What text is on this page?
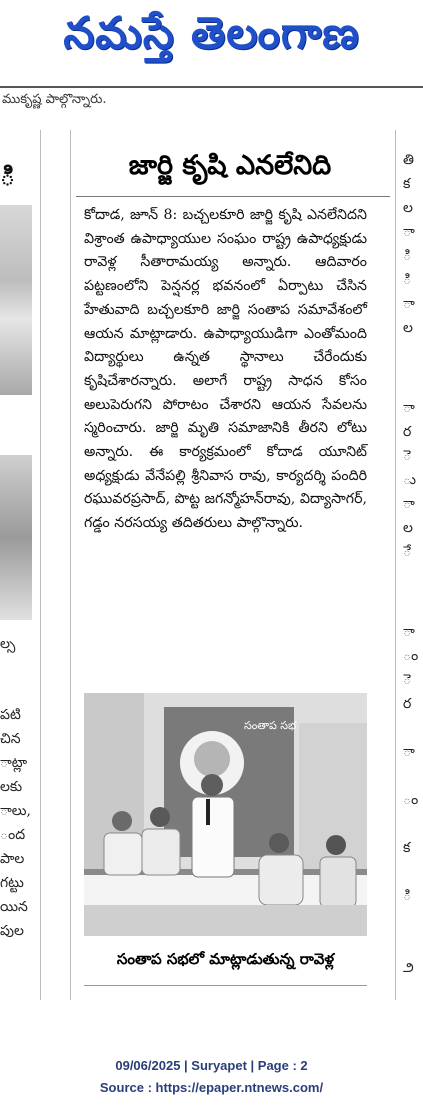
నమస్తే తెలంగాణ
ముకృష్ణ పాల్గొన్నారు.
ి
ల్స
పటి
చిన
ాట్లా
లకు
ాలు,
ంద
పాల
గట్టు
యిన
పుల
తి
క
ల
ా
ి
ి
ా
ల
ా
ర
ె
ు
ా
ల
ే
ా
ం
ె
ర
ా
ం
క
ి
౨
జార్జి కృషి ఎనలేనిది
కోదాడ, జూన్ 8: బచ్చలకూరి జార్జి కృషి ఎనలేనిదని విశ్రాంత ఉపాధ్యాయుల సంఘం రాష్ట్ర ఉపాధ్యక్షుడు రావెళ్ల సీతారామయ్య అన్నారు. ఆదివారం పట్టణంలోని పెన్షనర్ల భవనంలో ఏర్పాటు చేసిన హేతువాది బచ్చలకూరి జార్జి సంతాప సమావేశంలో ఆయన మాట్లాడారు. ఉపాధ్యాయుడిగా ఎంతోమంది విద్యార్థులు ఉన్నత స్థానాలు చేరేందుకు కృషిచేశారన్నారు. అలాగే రాష్ట్ర సాధన కోసం అలుపెరుగని పోరాటం చేశారని ఆయన సేవలను స్మరించారు. జార్జి మృతి సమాజానికి తీరని లోటు అన్నారు. ఈ కార్యక్రమంలో కోదాడ యూనిట్ అధ్యక్షుడు వేనేపల్లి శ్రీనివాస రావు, కార్యదర్శి పందిరి రఘువరప్రసాద్, పొట్ట జగన్మోహన్‌రావు, విద్యాసాగర్, గడ్డం నరసయ్య తదితరులు పాల్గొన్నారు.
సంతాప సభ
సంతాప సభలో మాట్లాడుతున్న రావెళ్ల
09/06/2025 | Suryapet | Page : 2
Source : https://epaper.ntnews.com/
